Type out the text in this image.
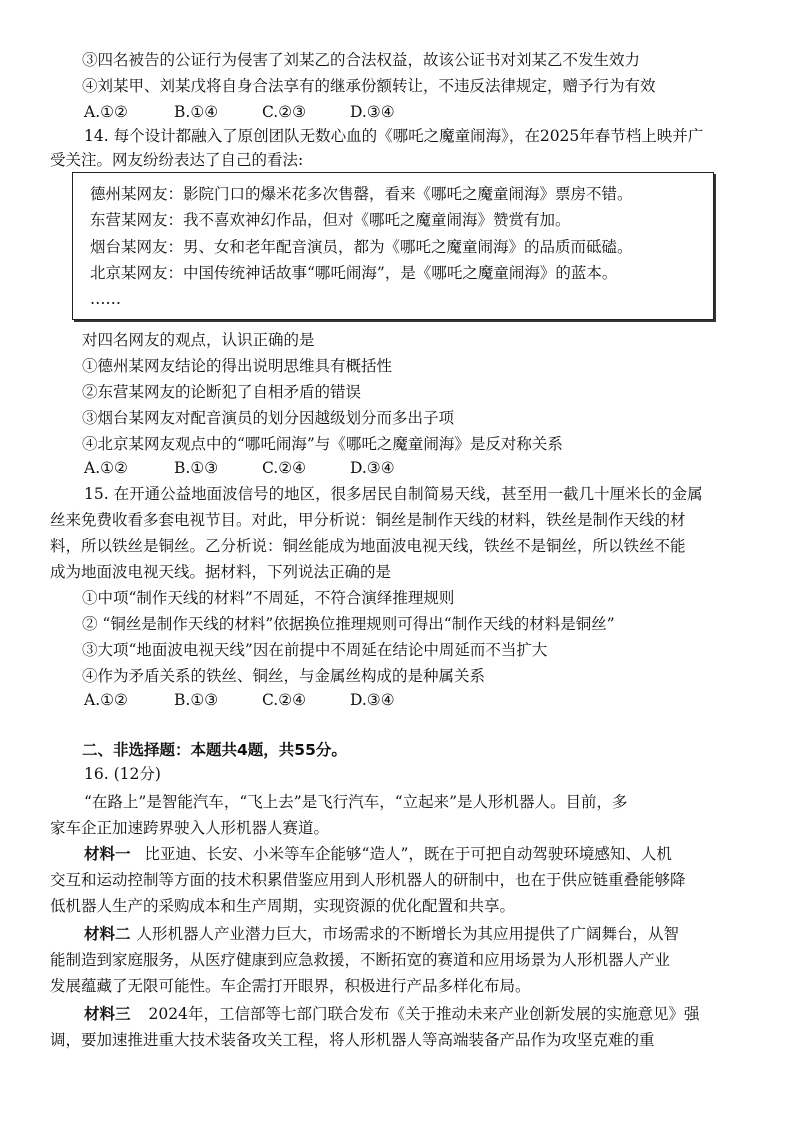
③四名被告的公证行为侵害了刘某乙的合法权益，故该公证书对刘某乙不发生效力
④刘某甲、刘某戊将自身合法享有的继承份额转让，不违反法律规定，赠予行为有效
A.①②	B.①④	C.②③	D.③④
14. 每个设计都融入了原创团队无数心血的《哪吒之魔童闹海》，在2025年春节档上映并广
受关注。网友纷纷表达了自己的看法:
德州某网友：影院门口的爆米花多次售罄，看来《哪吒之魔童闹海》票房不错。
东营某网友：我不喜欢神幻作品，但对《哪吒之魔童闹海》赞赏有加。
烟台某网友：男、女和老年配音演员，都为《哪吒之魔童闹海》的品质而砥磕。
北京某网友：中国传统神话故事“哪吒闹海”，是《哪吒之魔童闹海》的蓝本。
……
对四名网友的观点，认识正确的是
①德州某网友结论的得出说明思维具有概括性
②东营某网友的论断犯了自相矛盾的错误
③烟台某网友对配音演员的划分因越级划分而多出子项
④北京某网友观点中的“哪吒闹海”与《哪吒之魔童闹海》是反对称关系
A.①②	B.①③	C.②④	D.③④
15. 在开通公益地面波信号的地区，很多居民自制简易天线，甚至用一截几十厘米长的金属
丝来免费收看多套电视节目。对此，甲分析说：铜丝是制作天线的材料，铁丝是制作天线的材
料，所以铁丝是铜丝。乙分析说：铜丝能成为地面波电视天线，铁丝不是铜丝，所以铁丝不能
成为地面波电视天线。据材料，下列说法正确的是
①中项“制作天线的材料”不周延，不符合演绎推理规则
② “铜丝是制作天线的材料”依据换位推理规则可得出“制作天线的材料是铜丝”
③大项“地面波电视天线”因在前提中不周延在结论中周延而不当扩大
④作为矛盾关系的铁丝、铜丝，与金属丝构成的是种属关系
A.①②	B.①③	C.②④	D.③④
二、非选择题：本题共4题，共55分。
16. (12分)
“在路上”是智能汽车，“飞上去”是飞行汽车，“立起来”是人形机器人。目前，多
家车企正加速跨界驶入人形机器人赛道。
材料一 比亚迪、长安、小米等车企能够“造人”，既在于可把自动驾驶环境感知、人机
交互和运动控制等方面的技术积累借鉴应用到人形机器人的研制中，也在于供应链重叠能够降
低机器人生产的采购成本和生产周期，实现资源的优化配置和共享。
材料二 人形机器人产业潜力巨大，市场需求的不断增长为其应用提供了广阔舞台，从智
能制造到家庭服务，从医疗健康到应急救援，不断拓宽的赛道和应用场景为人形机器人产业
发展蕴藏了无限可能性。车企需打开眼界，积极进行产品多样化布局。
材料三 2024年，工信部等七部门联合发布《关于推动未来产业创新发展的实施意见》强
调，要加速推进重大技术装备攻关工程，将人形机器人等高端装备产品作为攻坚克难的重
